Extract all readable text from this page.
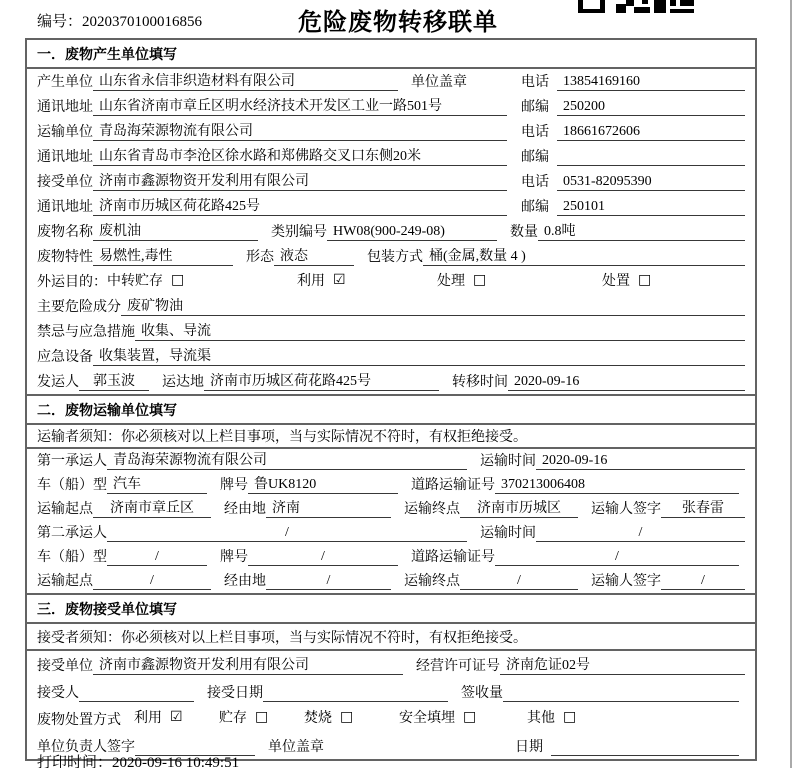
编号：2020370100016856	危险废物转移联单
一．废物产生单位填写
产生单位 山东省永信非织造材料有限公司	单位盖章	电话	13854169160
通讯地址 山东省济南市章丘区明水经济技术开发区工业一路501号	邮编	250200
运输单位 青岛海荣源物流有限公司	电话	18661672606
通讯地址 山东省青岛市李沧区徐水路和郑佛路交叉口东侧20米	邮编
接受单位 济南市鑫源物资开发利用有限公司	电话	0531-82095390
通讯地址 济南市历城区荷花路425号	邮编	250101
废物名称 废机油	类别编号 HW08(900-249-08)	数量 0.8吨
废物特性 易燃性,毒性	形态 液态	包装方式 桶(金属,数量 4 )
外运目的： 中转贮存 □	利用 ☑	处理 □	处置 □
主要危险成分 废矿物油
禁忌与应急措施 收集、导流
应急设备 收集装置，导流渠
发运人	郭玉波	运达地 济南市历城区荷花路425号	转移时间 2020-09-16
二．废物运输单位填写
运输者须知：你必须核对以上栏目事项，当与实际情况不符时，有权拒绝接受。
第一承运人 青岛海荣源物流有限公司	运输时间 2020-09-16
车（船）型 汽车	牌号 鲁UK8120	道路运输证号 370213006408
运输起点	济南市章丘区	经由地 济南	运输终点	济南市历城区	运输人签字	张春雷
第二承运人	/	运输时间	/
车（船）型	/	牌号	/	道路运输证号	/
运输起点	/	经由地	/	运输终点	/	运输人签字	/
三．废物接受单位填写
接受者须知：你必须核对以上栏目事项，当与实际情况不符时，有权拒绝接受。
接受单位 济南市鑫源物资开发利用有限公司	经营许可证号 济南危证02号
接受人	接受日期	签收量
废物处置方式 利用 ☑	贮存 □	焚烧 □	安全填埋 □	其他 □
单位负责人签字	单位盖章	日期
打印时间：2020-09-16 10:49:51
